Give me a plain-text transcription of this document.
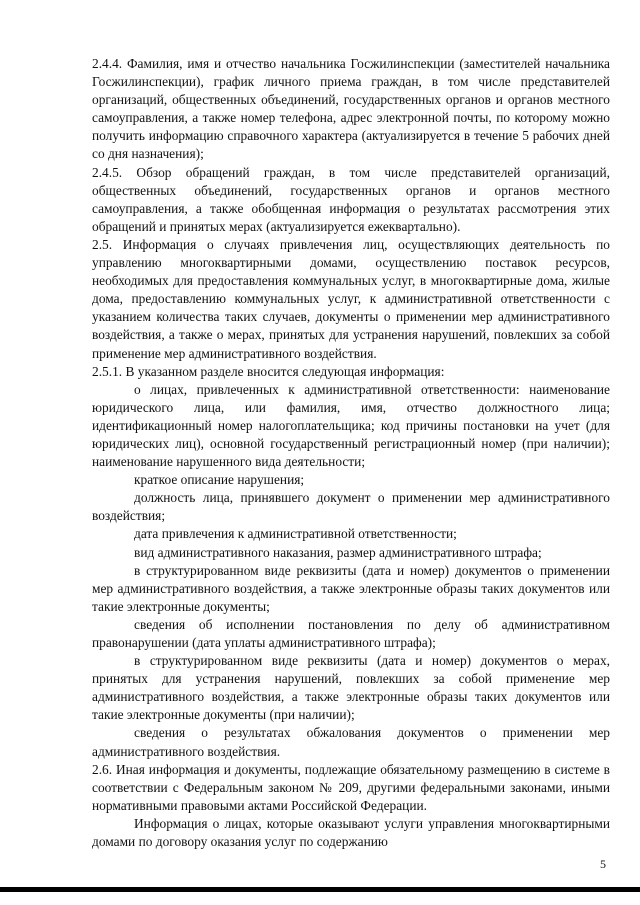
2.4.4. Фамилия, имя и отчество начальника Госжилинспекции (заместителей начальника Госжилинспекции), график личного приема граждан, в том числе представителей организаций, общественных объединений, государственных органов и органов местного самоуправления, а также номер телефона, адрес электронной почты, по которому можно получить информацию справочного характера (актуализируется в течение 5 рабочих дней со дня назначения);

2.4.5. Обзор обращений граждан, в том числе представителей организаций, общественных объединений, государственных органов и органов местного самоуправления, а также обобщенная информация о результатах рассмотрения этих обращений и принятых мерах (актуализируется ежеквартально).

2.5. Информация о случаях привлечения лиц, осуществляющих деятельность по управлению многоквартирными домами, осуществлению поставок ресурсов, необходимых для предоставления коммунальных услуг, в многоквартирные дома, жилые дома, предоставлению коммунальных услуг, к административной ответственности с указанием количества таких случаев, документы о применении мер административного воздействия, а также о мерах, принятых для устранения нарушений, повлекших за собой применение мер административного воздействия.

2.5.1. В указанном разделе вносится следующая информация:

о лицах, привлеченных к административной ответственности: наименование юридического лица, или фамилия, имя, отчество должностного лица; идентификационный номер налогоплательщика; код причины постановки на учет (для юридических лиц), основной государственный регистрационный номер (при наличии); наименование нарушенного вида деятельности;

краткое описание нарушения;

должность лица, принявшего документ о применении мер административного воздействия;

дата привлечения к административной ответственности;

вид административного наказания, размер административного штрафа;

в структурированном виде реквизиты (дата и номер) документов о применении мер административного воздействия, а также электронные образы таких документов или такие электронные документы;

сведения об исполнении постановления по делу об административном правонарушении (дата уплаты административного штрафа);

в структурированном виде реквизиты (дата и номер) документов о мерах, принятых для устранения нарушений, повлекших за собой применение мер административного воздействия, а также электронные образы таких документов или такие электронные документы (при наличии);

сведения о результатах обжалования документов о применении мер административного воздействия.

2.6. Иная информация и документы, подлежащие обязательному размещению в системе в соответствии с Федеральным законом № 209, другими федеральными законами, иными нормативными правовыми актами Российской Федерации.

Информация о лицах, которые оказывают услуги управления многоквартирными домами по договору оказания услуг по содержанию

5
